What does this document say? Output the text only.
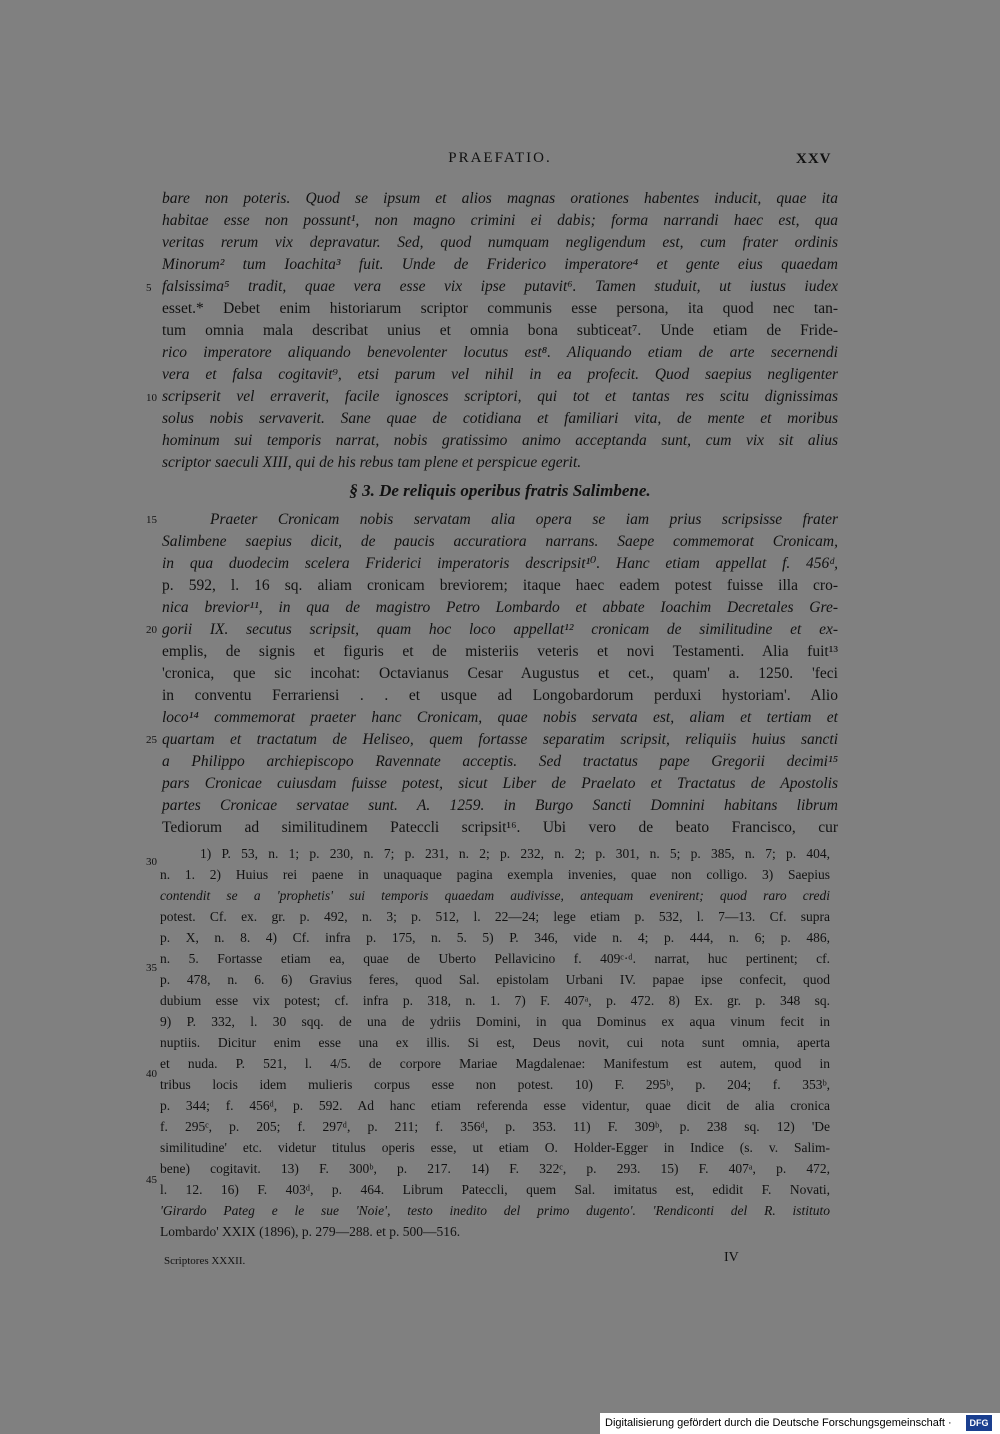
PRAEFATIO.	XXV
bare non poteris. Quod se ipsum et alios magnas orationes habentes inducit, quae ita
habitae esse non possunt¹, non magno crimini ei dabis; forma narrandi haec est, qua
veritas rerum vix depravatur. Sed, quod numquam negligendum est, cum frater ordinis
Minorum² tum Ioachita³ fuit. Unde de Friderico imperatore⁴ et gente eius quaedam
falsissima⁵ tradit, quae vera esse vix ipse putavit⁶. Tamen studuit, ut iustus iudex
esset.* Debet enim historiarum scriptor communis esse persona, ita quod nec tan-
tum omnia mala describat unius et omnia bona subticeat⁷. Unde etiam de Fride-
rico imperatore aliquando benevolenter locutus est⁸. Aliquando etiam de arte secernendi
vera et falsa cogitavit⁹, etsi parum vel nihil in ea profecit. Quod saepius negligenter
scripserit vel erraverit, facile ignosces scriptori, qui tot et tantas res scitu dignissimas
solus nobis servaverit. Sane quae de cotidiana et familiari vita, de mente et moribus
hominum sui temporis narrat, nobis gratissimo animo acceptanda sunt, cum vix sit alius
scriptor saeculi XIII, qui de his rebus tam plene et perspicue egerit.
§ 3. De reliquis operibus fratris Salimbene.
Praeter Cronicam nobis servatam alia opera se iam prius scripsisse frater
Salimbene saepius dicit, de paucis accuratiora narrans. Saepe commemorat Cronicam,
in qua duodecim scelera Friderici imperatoris descripsit¹⁰. Hanc etiam appellat f. 456ᵈ,
p. 592, l. 16 sq. aliam cronicam breviorem; itaque haec eadem potest fuisse illa cro-
nica brevior¹¹, in qua de magistro Petro Lombardo et abbate Ioachim Decretales Gre-
gorii IX. secutus scripsit, quam hoc loco appellat¹² cronicam de similitudine et ex-
emplis, de signis et figuris et de misteriis veteris et novi Testamenti. Alia fuit¹³
'cronica, que sic incohat: Octavianus Cesar Augustus et cet., quam' a. 1250. 'feci
in conventu Ferrariensi . . et usque ad Longobardorum perduxi hystoriam'. Alio
loco¹⁴ commemorat praeter hanc Cronicam, quae nobis servata est, aliam et tertiam et
quartam et tractatum de Heliseo, quem fortasse separatim scripsit, reliquiis huius sancti
a Philippo archiepiscopo Ravennate acceptis. Sed tractatus pape Gregorii decimi¹⁵
pars Cronicae cuiusdam fuisse potest, sicut Liber de Praelato et Tractatus de Apostolis
partes Cronicae servatae sunt. A. 1259. in Burgo Sancti Domnini habitans librum
Tediorum ad similitudinem Pateccli scripsit¹⁶. Ubi vero de beato Francisco, cur
5
10
15
20
25
30
35
40
45
1) P. 53, n. 1; p. 230, n. 7; p. 231, n. 2; p. 232, n. 2; p. 301, n. 5; p. 385, n. 7; p. 404,
n. 1. 2) Huius rei paene in unaquaque pagina exempla invenies, quae non colligo. 3) Saepius
contendit se a 'prophetis' sui temporis quaedam audivisse, antequam evenirent; quod raro credi
potest. Cf. ex. gr. p. 492, n. 3; p. 512, l. 22—24; lege etiam p. 532, l. 7—13. Cf. supra
p. X, n. 8. 4) Cf. infra p. 175, n. 5. 5) P. 346, vide n. 4; p. 444, n. 6; p. 486,
n. 5. Fortasse etiam ea, quae de Uberto Pellavicino f. 409ᶜ·ᵈ. narrat, huc pertinent; cf.
p. 478, n. 6. 6) Gravius feres, quod Sal. epistolam Urbani IV. papae ipse confecit, quod
dubium esse vix potest; cf. infra p. 318, n. 1. 7) F. 407ᵃ, p. 472. 8) Ex. gr. p. 348 sq.
9) P. 332, l. 30 sqq. de una de ydriis Domini, in qua Dominus ex aqua vinum fecit in
nuptiis. Dicitur enim esse una ex illis. Si est, Deus novit, cui nota sunt omnia, aperta
et nuda. P. 521, l. 4/5. de corpore Mariae Magdalenae: Manifestum est autem, quod in
tribus locis idem mulieris corpus esse non potest. 10) F. 295ᵇ, p. 204; f. 353ᵇ,
p. 344; f. 456ᵈ, p. 592. Ad hanc etiam referenda esse videntur, quae dicit de alia cronica
f. 295ᶜ, p. 205; f. 297ᵈ, p. 211; f. 356ᵈ, p. 353. 11) F. 309ᵇ, p. 238 sq. 12) 'De
similitudine' etc. videtur titulus operis esse, ut etiam O. Holder-Egger in Indice (s. v. Salim-
bene) cogitavit. 13) F. 300ᵇ, p. 217. 14) F. 322ᶜ, p. 293. 15) F. 407ᵃ, p. 472,
l. 12. 16) F. 403ᵈ, p. 464. Librum Pateccli, quem Sal. imitatus est, edidit F. Novati,
'Girardo Pateg e le sue 'Noie', testo inedito del primo dugento'. 'Rendiconti del R. istituto
Lombardo' XXIX (1896), p. 279—288. et p. 500—516.
Scriptores XXXII.	IV
Digitalisierung gefördert durch die Deutsche Forschungsgemeinschaft ·	DFG
